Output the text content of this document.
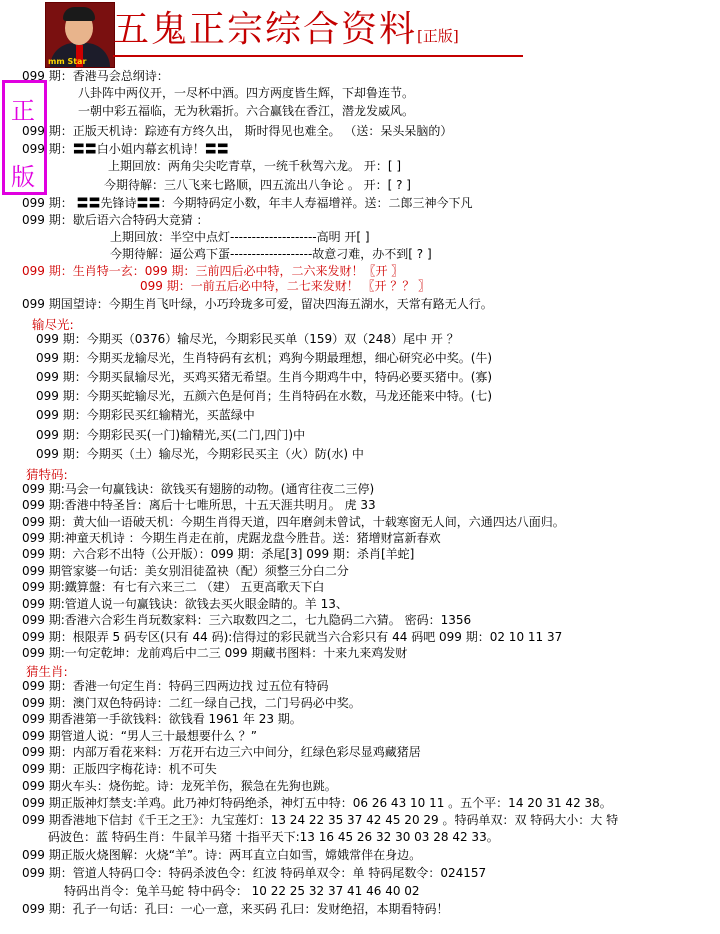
mm Star
五鬼正宗综合资料[正版]
正
版
099 期：香港马会总纲诗：
八卦阵中两仪开，一尽杯中酒。四方两度皆生辉，下却鲁连节。
一朝中彩五福临，无为秋霜折。六合赢钱在香江，潜龙发威风。
099 期：正版天机诗：踪迹有方终久出， 斯时得见也难全。 （送：呆头呆脑的）
099 期：〓〓白小姐内幕玄机诗！〓〓
上期回放：两角尖尖吃青草，一统千秋驾六龙。 开：[ ]
今期待解：三八飞来七路顺，四五流出八争论 。 开：[ ? ]
099 期： 〓〓先锋诗〓〓：今期特码定小数，年丰人寿福增祥。送：二郎三神今下凡
099 期：歇后语六合特码大竞猜 ：
上期回放：半空中点灯--------------------高明 开[ ]
今期待解：逼公鸡下蛋-------------------故意刁难，办不到[ ? ]
099 期：生肖特一玄：099 期：三前四后必中特，二六来发财！〖开 〗
099 期：一前五后必中特，二七来发财！ 〖开 ？？ 〗
099 期国望诗：今期生肖飞叶绿，小巧玲珑多可爱，留决四海五湖水，天常有路无人行。
输尽光:
099 期：今期买（0376）输尽光，今期彩民买单（159）双（248）尾中 开 ？
099 期：今期买龙输尽光，生肖特码有玄机；鸡狗今期最理想，细心研究必中奖。(牛)
099 期：今期买鼠输尽光，买鸡买猪无希望。生肖今期鸡牛中，特码必要买猪中。(寡)
099 期：今期买蛇输尽光，五颜六色是何肖；生肖特码在水数，马龙还能来中特。(七)
099 期：今期彩民买红输精光，买蓝绿中
099 期：今期彩民买(一门)输精光,买(二门,四门)中
099 期：今期买（土）输尽光，今期彩民买主（火）防(水) 中
猜特码:
099 期:马会一句赢钱诀：欲钱买有翅膀的动物。(通宵往夜二三停)
099 期:香港中特圣旨：离后十七唯所思，十五天涯共明月。 虎 33
099 期：黄大仙一语破天机：今期生肖得天道，四年磨剑未曾试，十载寒窗无人间，六通四达八面归。
099 期:神童天机诗 ：今期生肖走在前，虎踞龙盘今胜昔。送：猪增财富新春欢
099 期：六合彩不出特（公开版）：099 期：杀尾[3] 099 期：杀肖[羊蛇]
099 期管家婆一句话：美女别泪徒盈袂（配）须整三分白二分
099 期:鐵算盤：有七有六来三二 （建） 五更高歌天下白
099 期:管道人说一句赢钱诀：欲钱去买火眼金睛的。羊 13、
099 期:香港六合彩生肖玩数家料：三六取数四之二，七九隐码二六猜。 密码：1356
099 期：根限弄 5 码专区(只有 44 码):信得过的彩民就当六合彩只有 44 码吧 099 期：02 10 11 37
099 期:一句定乾坤：龙前鸡后中二三 099 期藏书图料：十来九来鸡发财
猜生肖:
099 期：香港一句定生肖：特码三四两边找 过五位有特码
099 期：澳门双色特码诗：二红一绿自己找，二门号码必中奖。
099 期香港第一手欲钱料：欲钱看 1961 年 23 期。
099 期管道人说：“男人三十最想要什么 ？”
099 期：内部万看花来料：万花开右边三六中间分，红绿色彩尽显鸡藏猪居
099 期：正版四字梅花诗：机不可失
099 期火车头：烧伤蛇。诗：龙死羊伤，猴急在先狗也跳。
099 期正版神灯禁支:羊鸡。此乃神灯特码绝杀，神灯五中特：06 26 43 10 11 。五个平：14 20 31 42 38。
099 期香港地下信封《千王之王》：九宝莲灯：13 24 22 35 37 42 45 20 29 。特码单双：双 特码大小：大 特
码波色：蓝 特码生肖：牛鼠羊马猪 十指平天下:13 16 45 26 32 30 03 28 42 33。
099 期正版火烧图解：火烧“羊”。诗：两耳直立白如雪，嫦娥常伴在身边。
099 期：管道人特码口令：特码杀波色令：红波 特码单双令：单 特码尾数令：024157
特码出肖令：兔羊马蛇 特中码令： 10 22 25 32 37 41 46 40 02
099 期：孔子一句话：孔曰：一心一意，来买码 孔曰：发财绝招，本期看特码！
